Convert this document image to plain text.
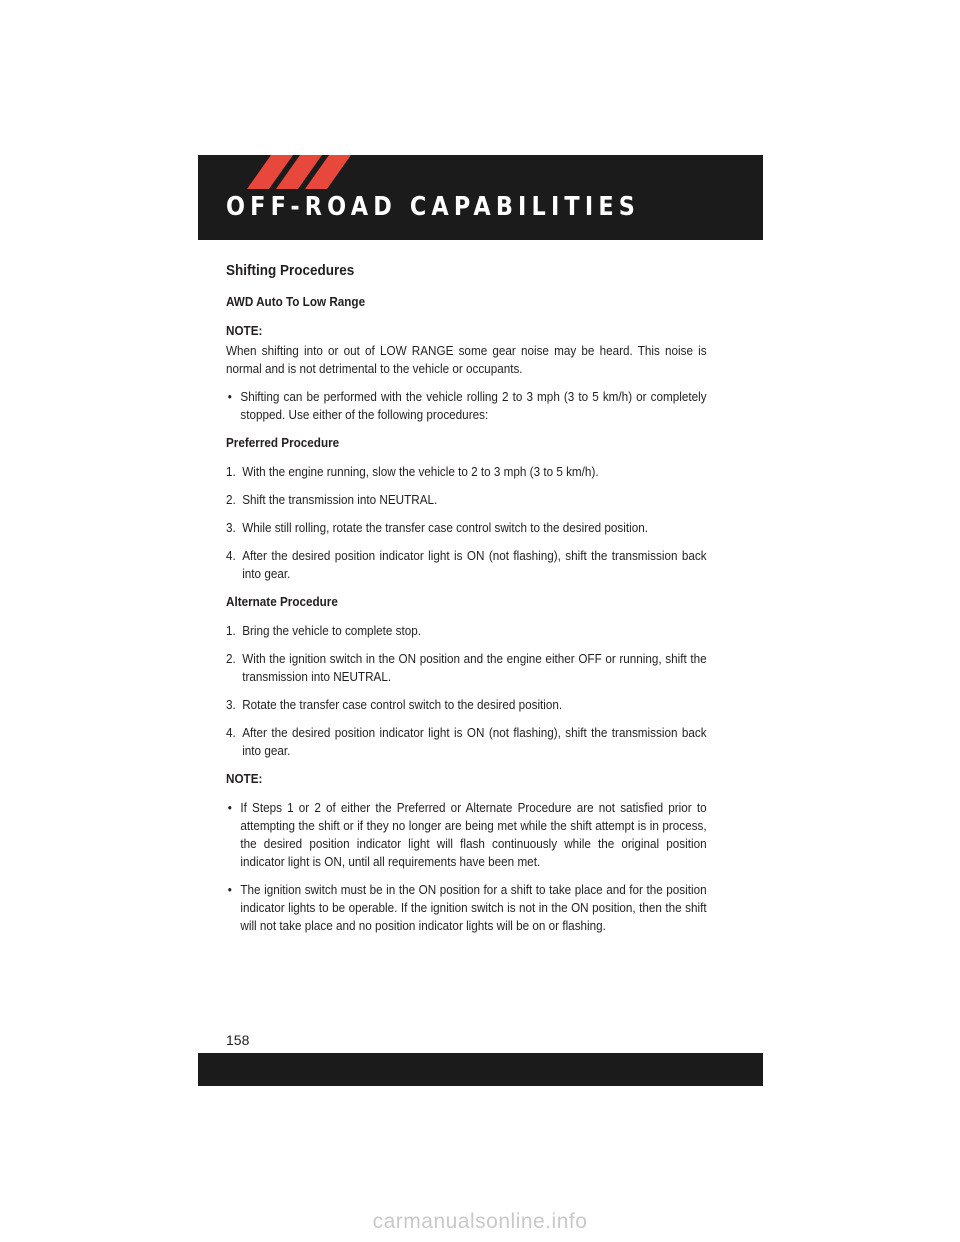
OFF-ROAD CAPABILITIES
Shifting Procedures
AWD Auto To Low Range
NOTE:

When shifting into or out of LOW RANGE some gear noise may be heard. This noise is normal and is not detrimental to the vehicle or occupants.

• Shifting can be performed with the vehicle rolling 2 to 3 mph (3 to 5 km/h) or completely stopped. Use either of the following procedures:
Preferred Procedure
1. With the engine running, slow the vehicle to 2 to 3 mph (3 to 5 km/h).
2. Shift the transmission into NEUTRAL.
3. While still rolling, rotate the transfer case control switch to the desired position.
4. After the desired position indicator light is ON (not flashing), shift the transmission back into gear.
Alternate Procedure
1. Bring the vehicle to complete stop.
2. With the ignition switch in the ON position and the engine either OFF or running, shift the transmission into NEUTRAL.
3. Rotate the transfer case control switch to the desired position.
4. After the desired position indicator light is ON (not flashing), shift the transmission back into gear.
NOTE:
• If Steps 1 or 2 of either the Preferred or Alternate Procedure are not satisfied prior to attempting the shift or if they no longer are being met while the shift attempt is in process, the desired position indicator light will flash continuously while the original position indicator light is ON, until all requirements have been met.
• The ignition switch must be in the ON position for a shift to take place and for the position indicator lights to be operable. If the ignition switch is not in the ON position, then the shift will not take place and no position indicator lights will be on or flashing.
158
carmanualsonline.info
